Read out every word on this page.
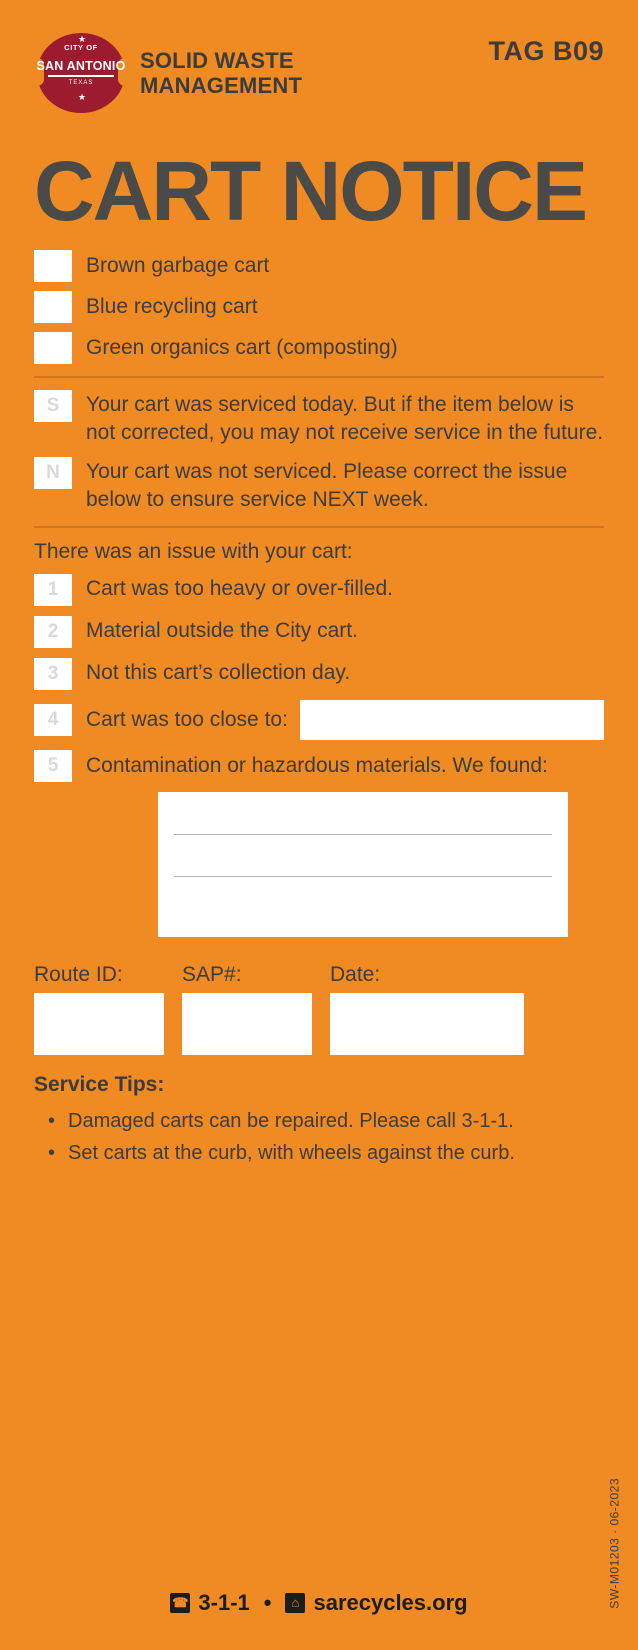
★
CITY OF
SAN ANTONIO
TEXAS
★
SOLID WASTE
MANAGEMENT
TAG B09
CART NOTICE
Brown garbage cart
Blue recycling cart
Green organics cart (composting)
S	Your cart was serviced today. But if the item below is not corrected, you may not receive service in the future.
N	Your cart was not serviced. Please correct the issue below to ensure service NEXT week.
There was an issue with your cart:
1	Cart was too heavy or over-filled.
2	Material outside the City cart.
3	Not this cart’s collection day.
4	Cart was too close to:
5	Contamination or hazardous materials. We found:
Route ID:	SAP#:	Date:
Service Tips:
• Damaged carts can be repaired. Please call 3-1-1.
• Set carts at the curb, with wheels against the curb.
SW-M01203 · 06-2023
☎ 3-1-1 •	⌂ sarecycles.org
